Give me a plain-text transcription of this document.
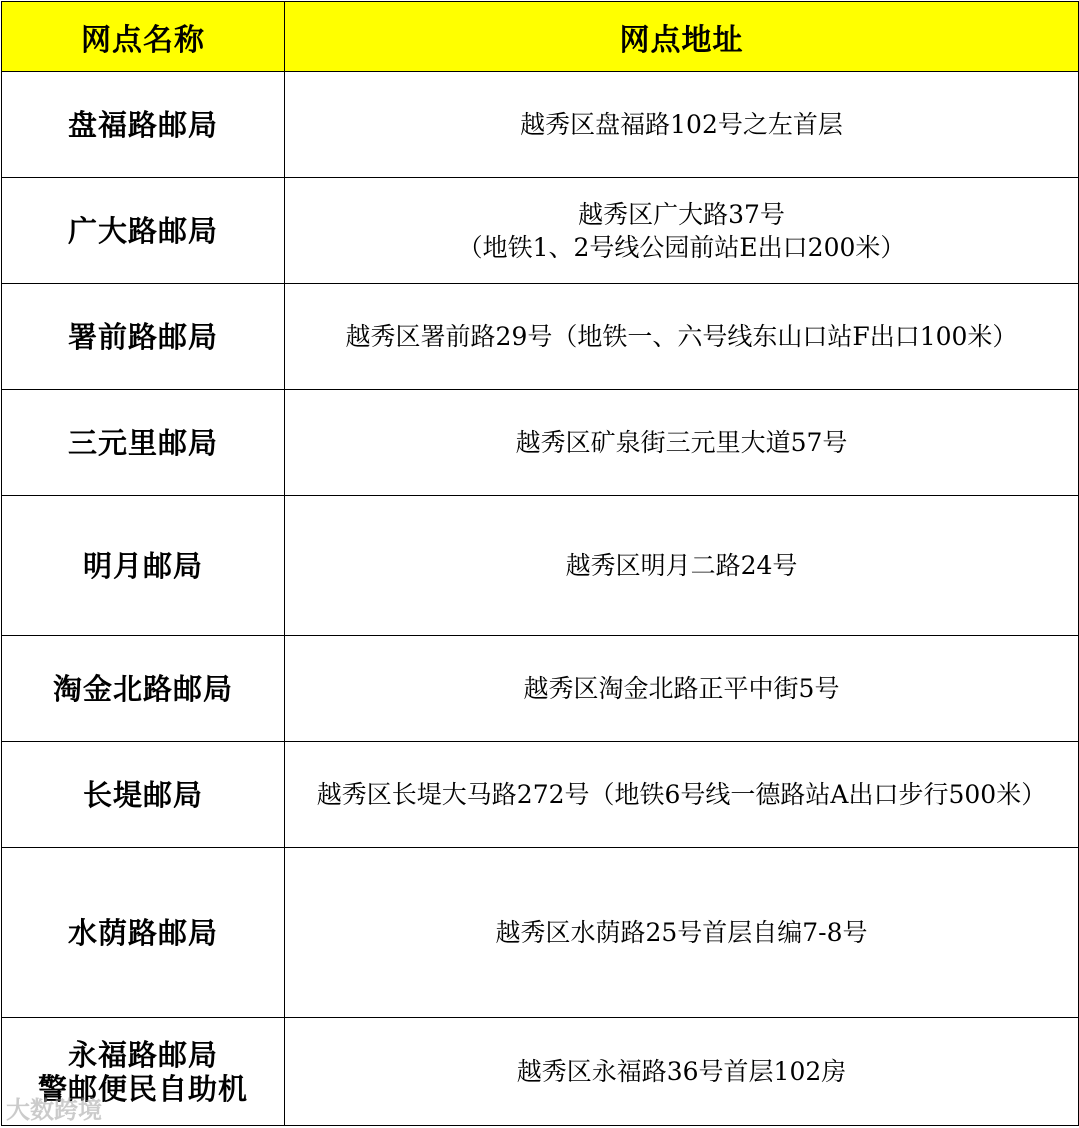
网点名称	网点地址

盘福路邮局	越秀区盘福路102号之左首层

广大路邮局	越秀区广大路37号
（地铁1、2号线公园前站E出口200米）

署前路邮局	越秀区署前路29号（地铁一、六号线东山口站F出口100米）

三元里邮局	越秀区矿泉街三元里大道57号

明月邮局	越秀区明月二路24号

淘金北路邮局	越秀区淘金北路正平中街5号

长堤邮局	越秀区长堤大马路272号（地铁6号线一德路站A出口步行500米）

水荫路邮局	越秀区水荫路25号首层自编7-8号

永福路邮局
警邮便民自助机	越秀区永福路36号首层102房
大数跨境
